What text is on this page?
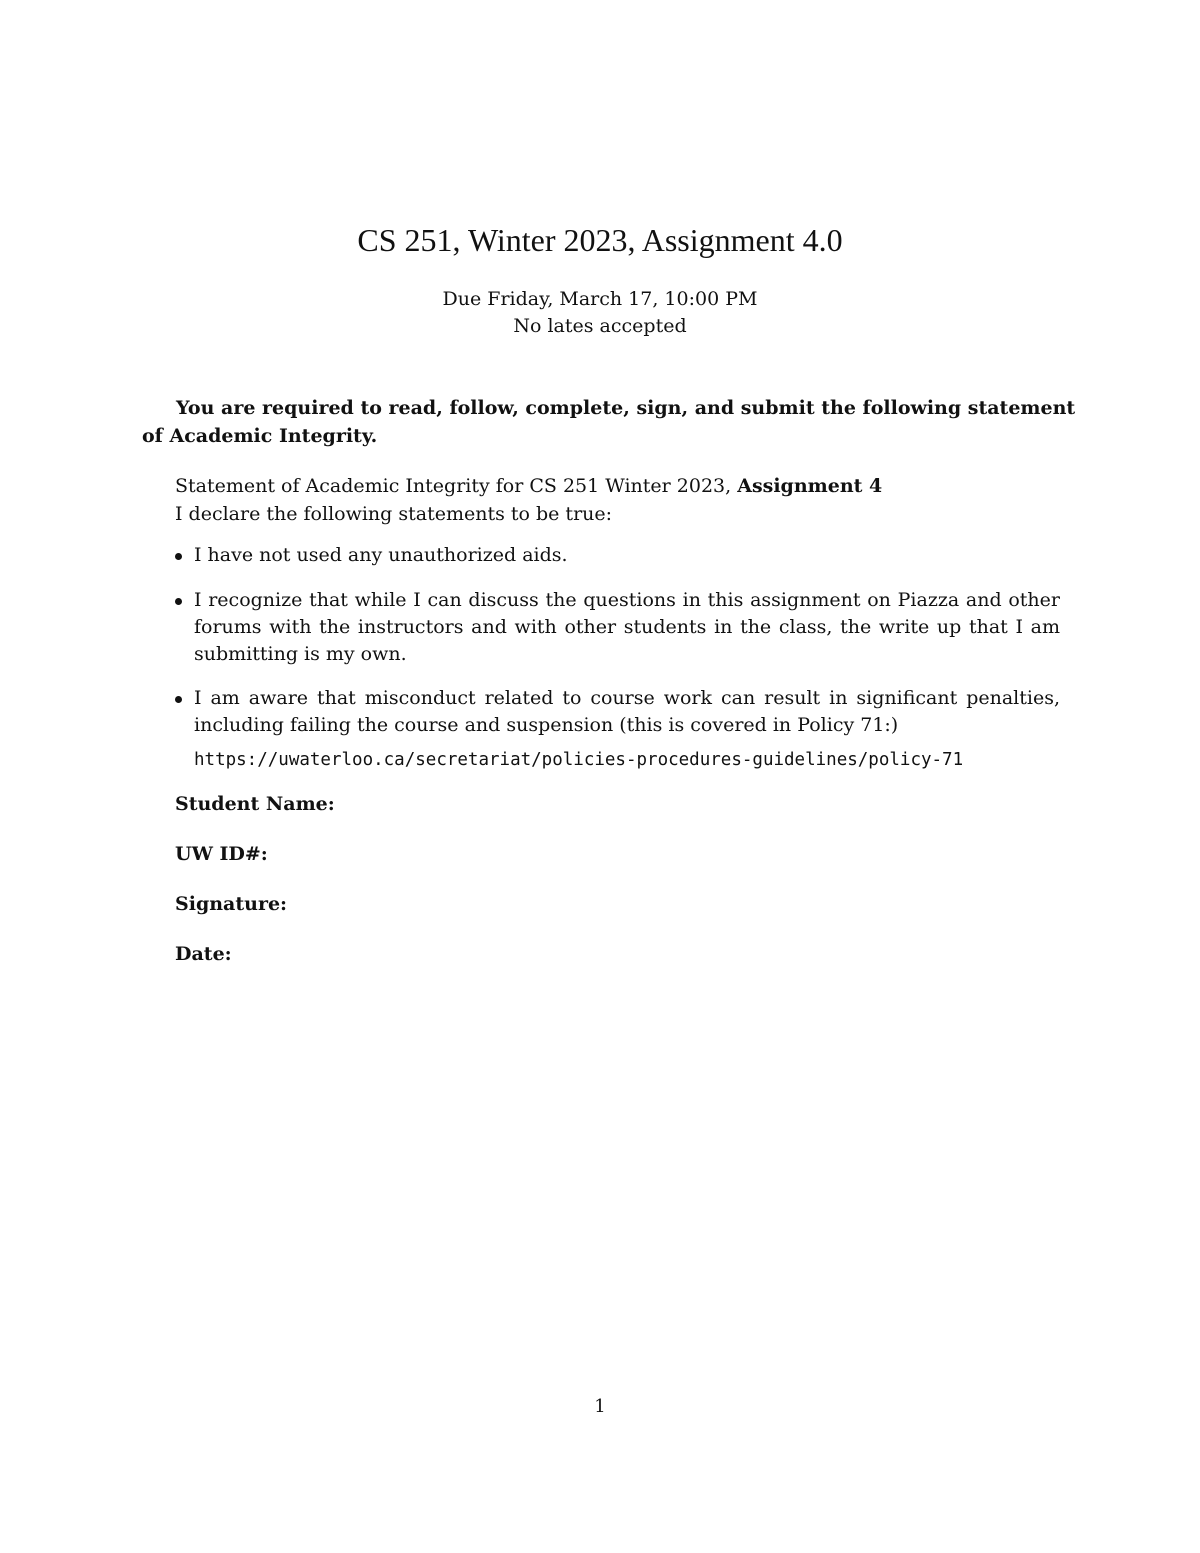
CS 251, Winter 2023, Assignment 4.0
Due Friday, March 17, 10:00 PM
No lates accepted
You are required to read, follow, complete, sign, and submit the following statement
of Academic Integrity.
Statement of Academic Integrity for CS 251 Winter 2023, Assignment 4
I declare the following statements to be true:
I have not used any unauthorized aids.
I recognize that while I can discuss the questions in this assignment on Piazza and other forums with the instructors and with other students in the class, the write up that I am submitting is my own.
I am aware that misconduct related to course work can result in significant penalties, including failing the course and suspension (this is covered in Policy 71:)
https://uwaterloo.ca/secretariat/policies-procedures-guidelines/policy-71
Student Name:
UW ID#:
Signature:
Date:
1
